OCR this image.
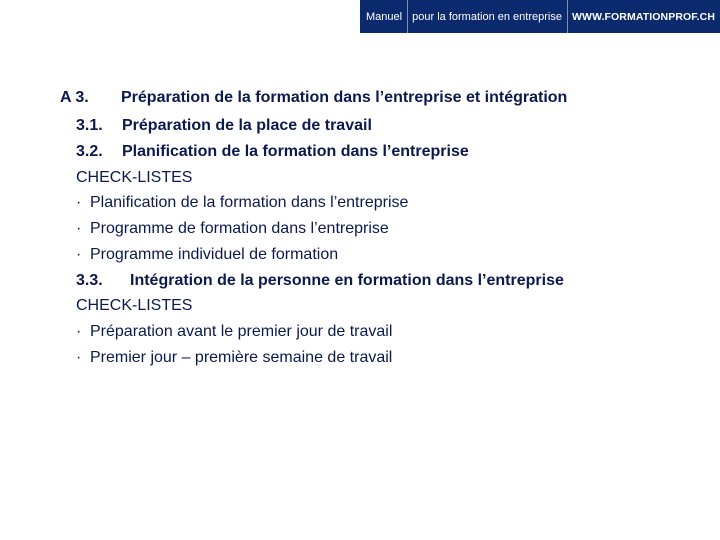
Manuel pour la formation en entreprise WWW.FORMATIONPROF.CH
A 3. Préparation de la formation dans l’entreprise et intégration
3.1. Préparation de la place de travail
3.2. Planification de la formation dans l’entreprise
CHECK-LISTES
· Planification de la formation dans l’entreprise
· Programme de formation dans l’entreprise
· Programme individuel de formation
3.3. Intégration de la personne en formation dans l’entreprise
CHECK-LISTES
· Préparation avant le premier jour de travail
· Premier jour – première semaine de travail
